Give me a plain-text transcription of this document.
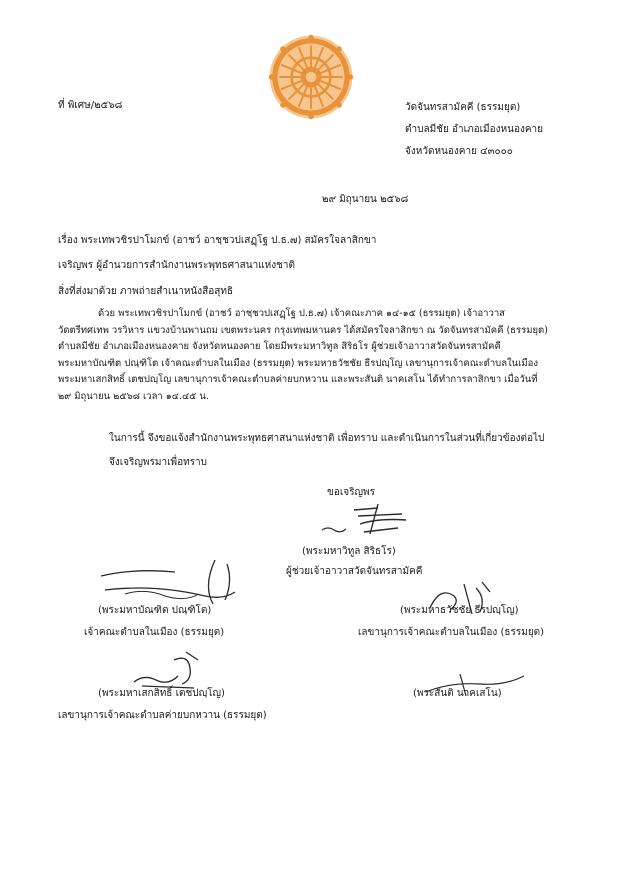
ที่ พิเศษ/๒๕๖๘	วัดจันทรสามัคคี (ธรรมยุต)
ตำบลมีชัย อำเภอเมืองหนองคาย
จังหวัดหนองคาย ๔๓๐๐๐
๒๙ มิถุนายน ๒๕๖๘
เรื่อง พระเทพวชิรปาโมกข์ (อาชว์ อาชฺชวปเสฏฺโฐ ป.ธ.๗) สมัครใจลาสิกขา
เจริญพร ผู้อำนวยการสำนักงานพระพุทธศาสนาแห่งชาติ
สิ่งที่ส่งมาด้วย ภาพถ่ายสำเนาหนังสือสุทธิ
ด้วย พระเทพวชิรปาโมกข์ (อาชว์ อาชฺชวปเสฏฺโฐ ป.ธ.๗) เจ้าคณะภาค ๑๔-๑๕ (ธรรมยุต) เจ้าอาวาส
วัดตรีทศเทพ วรวิหาร แขวงบ้านพานถม เขตพระนคร กรุงเทพมหานคร ได้สมัครใจลาสิกขา ณ วัดจันทรสามัคคี (ธรรมยุต)
ตำบลมีชัย อำเภอเมืองหนองคาย จังหวัดหนองคาย โดยมีพระมหาวิทูล สิริธโร ผู้ช่วยเจ้าอาวาสวัดจันทรสามัคคี
พระมหาบัณฑิต ปณฺฑิโต เจ้าคณะตำบลในเมือง (ธรรมยุต) พระมหาธวัชชัย ธีรปญฺโญ เลขานุการเจ้าคณะตำบลในเมือง
พระมหาเสกสิทธิ์ เตชปญฺโญ เลขานุการเจ้าคณะตำบลค่ายบกหวาน และพระสันติ นาคเสโน ได้ทำการลาสิกขา เมื่อวันที่
๒๙ มิถุนายน ๒๕๖๘ เวลา ๑๔.๔๕ น.
ในการนี้ จึงขอแจ้งสำนักงานพระพุทธศาสนาแห่งชาติ เพื่อทราบ และดำเนินการในส่วนที่เกี่ยวข้องต่อไป
จึงเจริญพรมาเพื่อทราบ
ขอเจริญพร
(พระมหาวิทูล สิริธโร)
ผู้ช่วยเจ้าอาวาสวัดจันทรสามัคคี
(พระมหาบัณฑิต ปณฺฑิโต)
เจ้าคณะตำบลในเมือง (ธรรมยุต)
(พระมหาธวัชชัย ธีรปญฺโญ)
เลขานุการเจ้าคณะตำบลในเมือง (ธรรมยุต)
(พระมหาเสกสิทธิ์ เตชปญฺโญ)
เลขานุการเจ้าคณะตำบลค่ายบกหวาน (ธรรมยุต)
(พระสันติ นาคเสโน)
